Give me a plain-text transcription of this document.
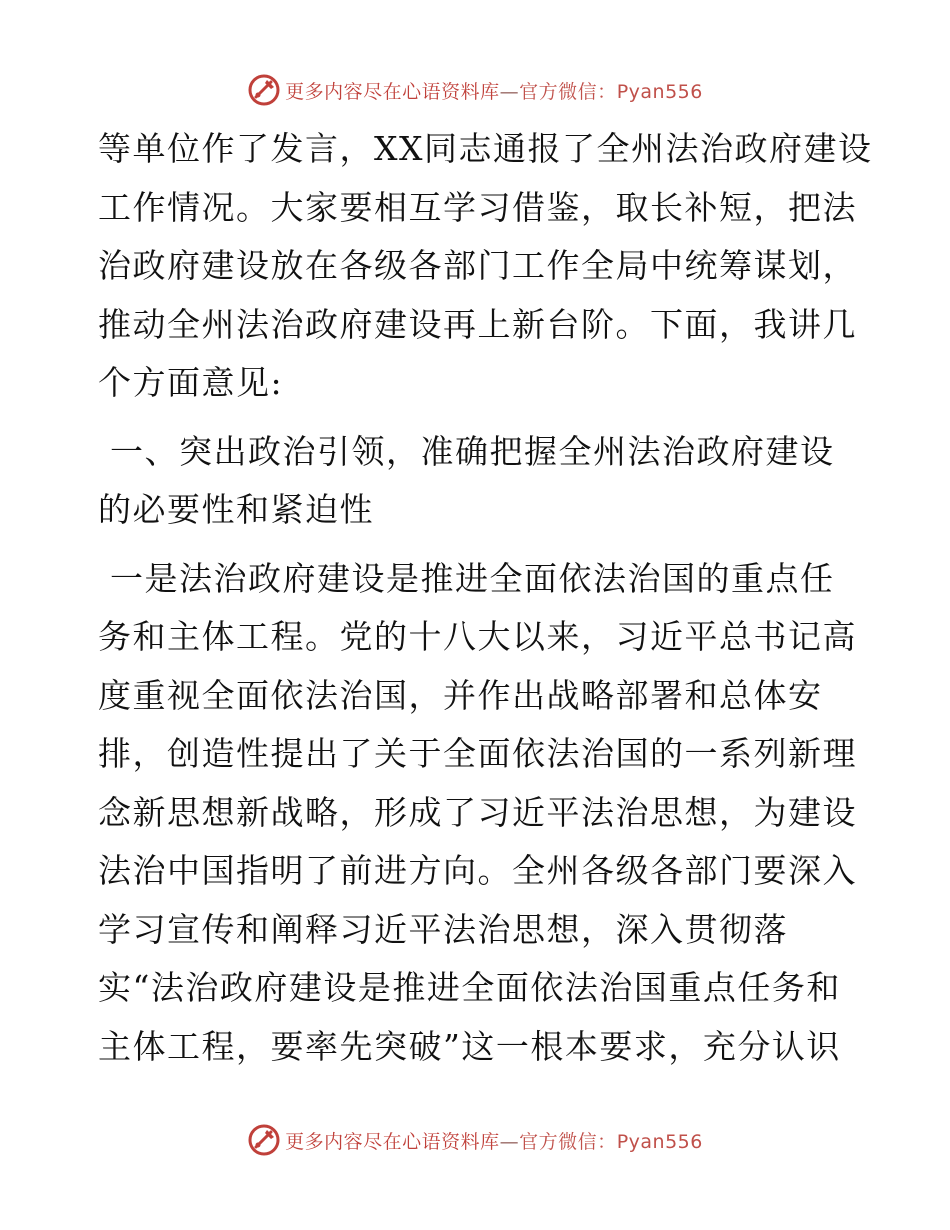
更多内容尽在心语资料库—官方微信：Pyan556
等单位作了发言，XX同志通报了全州法治政府建设
工作情况。大家要相互学习借鉴，取长补短，把法
治政府建设放在各级各部门工作全局中统筹谋划，
推动全州法治政府建设再上新台阶。下面，我讲几
个方面意见:
一、突出政治引领，准确把握全州法治政府建设
的必要性和紧迫性
一是法治政府建设是推进全面依法治国的重点任
务和主体工程。党的十八大以来，习近平总书记高
度重视全面依法治国，并作出战略部署和总体安
排，创造性提出了关于全面依法治国的一系列新理
念新思想新战略，形成了习近平法治思想，为建设
法治中国指明了前进方向。全州各级各部门要深入
学习宣传和阐释习近平法治思想，深入贯彻落
实“法治政府建设是推进全面依法治国重点任务和
主体工程，要率先突破”这一根本要求，充分认识
更多内容尽在心语资料库—官方微信：Pyan556
